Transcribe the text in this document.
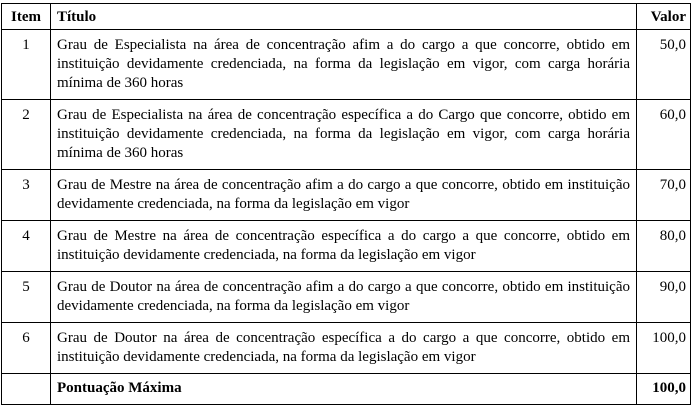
Item	Título	Valor
1	Grau de Especialista na área de concentração afim a do cargo a que concorre, obtido em instituição devidamente credenciada, na forma da legislação em vigor, com carga horária mínima de 360 horas	50,0
2	Grau de Especialista na área de concentração específica a do Cargo que concorre, obtido em instituição devidamente credenciada, na forma da legislação em vigor, com carga horária mínima de 360 horas	60,0
3	Grau de Mestre na área de concentração afim a do cargo a que concorre, obtido em instituição devidamente credenciada, na forma da legislação em vigor	70,0
4	Grau de Mestre na área de concentração específica a do cargo a que concorre, obtido em instituição devidamente credenciada, na forma da legislação em vigor	80,0
5	Grau de Doutor na área de concentração afim a do cargo a que concorre, obtido em instituição devidamente credenciada, na forma da legislação em vigor	90,0
6	Grau de Doutor na área de concentração específica a do cargo a que concorre, obtido em instituição devidamente credenciada, na forma da legislação em vigor	100,0
	Pontuação Máxima	100,0
